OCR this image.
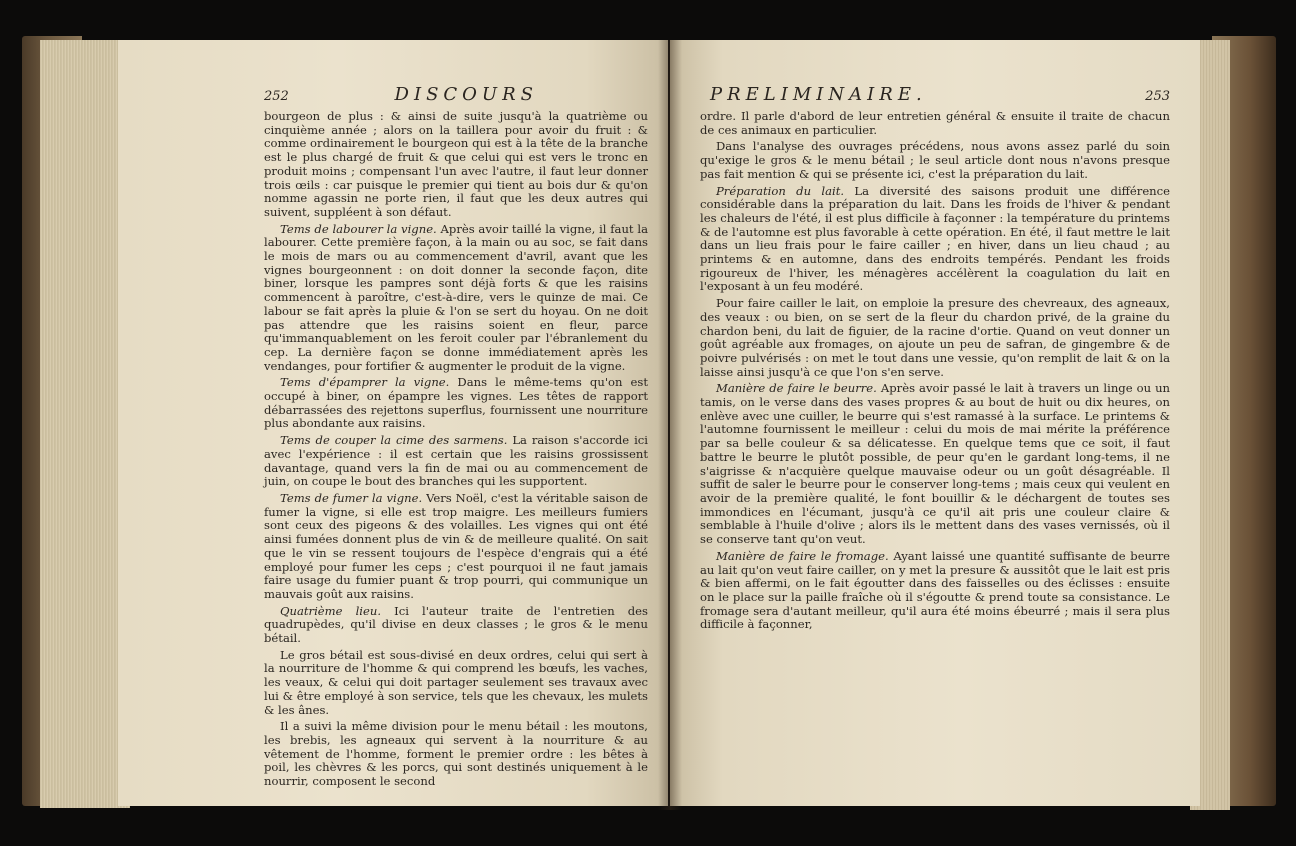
252	DISCOURS

bourgeon de plus : & ainsi de suite jusqu'à la quatrième ou cinquième année ; alors on la taillera pour avoir du fruit : & comme ordinairement le bourgeon qui est à la tête de la branche est le plus chargé de fruit & que celui qui est vers le tronc en produit moins ; compensant l'un avec l'autre, il faut leur donner trois œils : car puisque le premier qui tient au bois dur & qu'on nomme agassin ne porte rien, il faut que les deux autres qui suivent, suppléent à son défaut.

Tems de labourer la vigne. Après avoir taillé la vigne, il faut la labourer. Cette première façon, à la main ou au soc, se fait dans le mois de mars ou au commencement d'avril, avant que les vignes bourgeonnent : on doit donner la seconde façon, dite biner, lorsque les pampres sont déjà forts & que les raisins commencent à paroître, c'est-à-dire, vers le quinze de mai. Ce labour se fait après la pluie & l'on se sert du hoyau. On ne doit pas attendre que les raisins soient en fleur, parce qu'immanquablement on les feroit couler par l'ébranlement du cep. La dernière façon se donne immédiatement après les vendanges, pour fortifier & augmenter le produit de la vigne.

Tems d'épamprer la vigne. Dans le même-tems qu'on est occupé à biner, on épampre les vignes. Les têtes de rapport débarrassées des rejettons superflus, fournissent une nourriture plus abondante aux raisins.

Tems de couper la cime des sarmens. La raison s'accorde ici avec l'expérience : il est certain que les raisins grossissent davantage, quand vers la fin de mai ou au commencement de juin, on coupe le bout des branches qui les supportent.

Tems de fumer la vigne. Vers Noël, c'est la véritable saison de fumer la vigne, si elle est trop maigre. Les meilleurs fumiers sont ceux des pigeons & des volailles. Les vignes qui ont été ainsi fumées donnent plus de vin & de meilleure qualité. On sait que le vin se ressent toujours de l'espèce d'engrais qui a été employé pour fumer les ceps ; c'est pourquoi il ne faut jamais faire usage du fumier puant & trop pourri, qui communique un mauvais goût aux raisins.

Quatrième lieu. Ici l'auteur traite de l'entretien des quadrupèdes, qu'il divise en deux classes ; le gros & le menu bétail.

Le gros bétail est sous-divisé en deux ordres, celui qui sert à la nourriture de l'homme & qui comprend les bœufs, les vaches, les veaux, & celui qui doit partager seulement ses travaux avec lui & être employé à son service, tels que les chevaux, les mulets & les ânes.

Il a suivi la même division pour le menu bétail : les moutons, les brebis, les agneaux qui servent à la nourriture & au vêtement de l'homme, forment le premier ordre : les bêtes à poil, les chèvres & les porcs, qui sont destinés uniquement à le nourrir, composent le second

PRELIMINAIRE.	253

ordre. Il parle d'abord de leur entretien général & ensuite il traite de chacun de ces animaux en particulier.

Dans l'analyse des ouvrages précédens, nous avons assez parlé du soin qu'exige le gros & le menu bétail ; le seul article dont nous n'avons presque pas fait mention & qui se présente ici, c'est la préparation du lait.

Préparation du lait. La diversité des saisons produit une différence considérable dans la préparation du lait. Dans les froids de l'hiver & pendant les chaleurs de l'été, il est plus difficile à façonner : la température du printems & de l'automne est plus favorable à cette opération. En été, il faut mettre le lait dans un lieu frais pour le faire cailler ; en hiver, dans un lieu chaud ; au printems & en automne, dans des endroits tempérés. Pendant les froids rigoureux de l'hiver, les ménagères accélèrent la coagulation du lait en l'exposant à un feu modéré.

Pour faire cailler le lait, on emploie la presure des chevreaux, des agneaux, des veaux : ou bien, on se sert de la fleur du chardon privé, de la graine du chardon beni, du lait de figuier, de la racine d'ortie. Quand on veut donner un goût agréable aux fromages, on ajoute un peu de safran, de gingembre & de poivre pulvérisés : on met le tout dans une vessie, qu'on remplit de lait & on la laisse ainsi jusqu'à ce que l'on s'en serve.

Manière de faire le beurre. Après avoir passé le lait à travers un linge ou un tamis, on le verse dans des vases propres & au bout de huit ou dix heures, on enlève avec une cuiller, le beurre qui s'est ramassé à la surface. Le printems & l'automne fournissent le meilleur : celui du mois de mai mérite la préférence par sa belle couleur & sa délicatesse. En quelque tems que ce soit, il faut battre le beurre le plutôt possible, de peur qu'en le gardant long-tems, il ne s'aigrisse & n'acquière quelque mauvaise odeur ou un goût désagréable. Il suffit de saler le beurre pour le conserver long-tems ; mais ceux qui veulent en avoir de la première qualité, le font bouillir & le déchargent de toutes ses immondices en l'écumant, jusqu'à ce qu'il ait pris une couleur claire & semblable à l'huile d'olive ; alors ils le mettent dans des vases vernissés, où il se conserve tant qu'on veut.

Manière de faire le fromage. Ayant laissé une quantité suffisante de beurre au lait qu'on veut faire cailler, on y met la presure & aussitôt que le lait est pris & bien affermi, on le fait égoutter dans des faisselles ou des éclisses : ensuite on le place sur la paille fraîche où il s'égoutte & prend toute sa consistance. Le fromage sera d'autant meilleur, qu'il aura été moins ébeurré ; mais il sera plus difficile à façonner,
